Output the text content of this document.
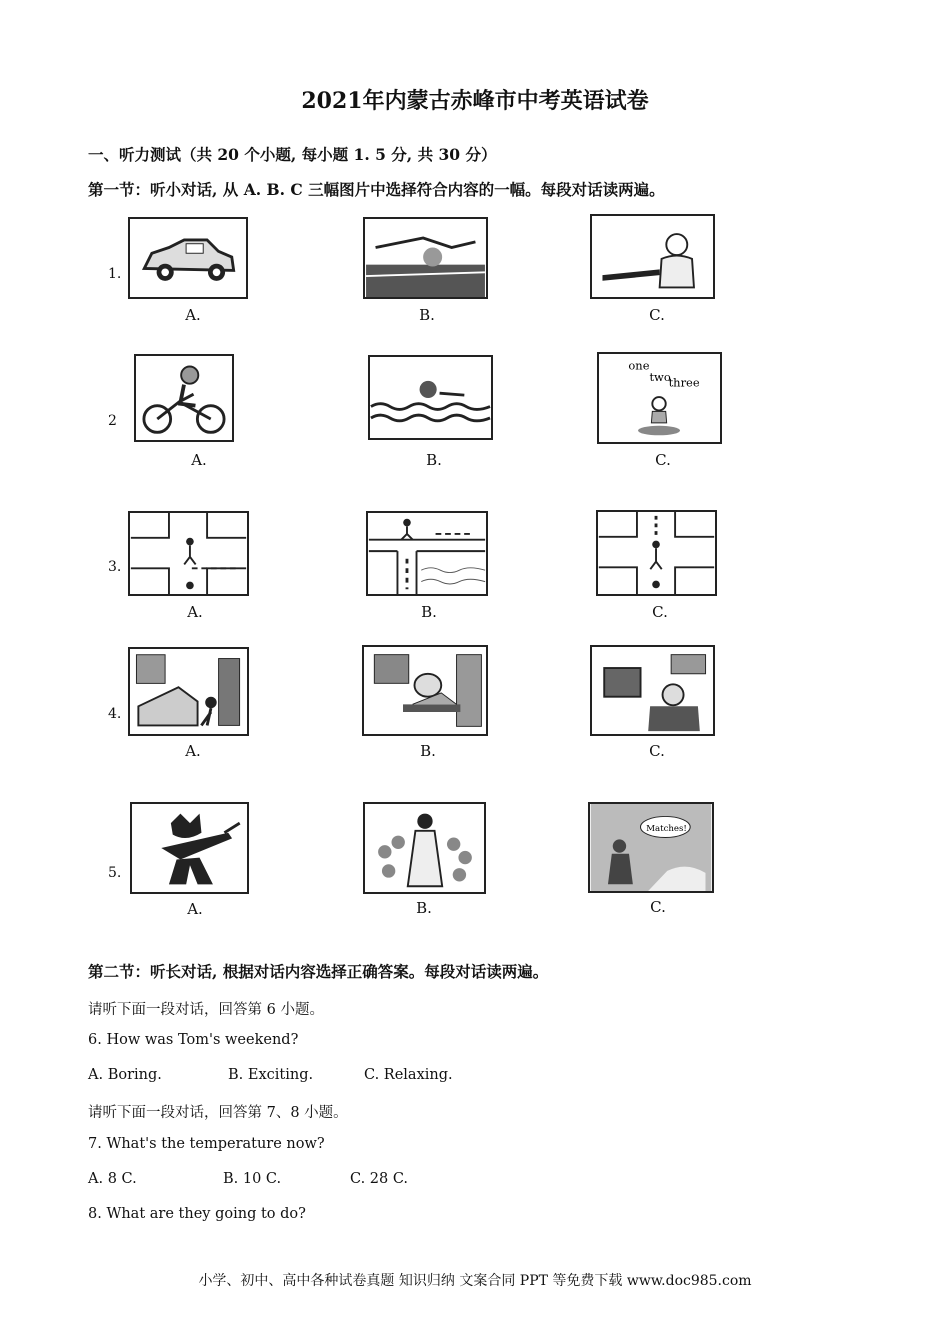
2021年内蒙古赤峰市中考英语试卷
一、听力测试（共 20 个小题, 每小题 1. 5 分, 共 30 分）
第一节：听小对话, 从 A. B. C 三幅图片中选择符合内容的一幅。每段对话读两遍。
1.
2
3.
4.
5.
A.	B.	C.
one
two
three
A.	B.	C.
A.	B.	C.
A.	B.	C.
Matches!
A.	B.	C.
第二节：听长对话, 根据对话内容选择正确答案。每段对话读两遍。
请听下面一段对话，回答第 6 小题。
6. How was Tom's weekend?
A. Boring.	B. Exciting.	C. Relaxing.
请听下面一段对话，回答第 7、8 小题。
7. What's the temperature now?
A. 8 C.	B. 10 C.	C. 28 C.
8. What are they going to do?
小学、初中、高中各种试卷真题 知识归纳 文案合同 PPT 等免费下载 www.doc985.com
